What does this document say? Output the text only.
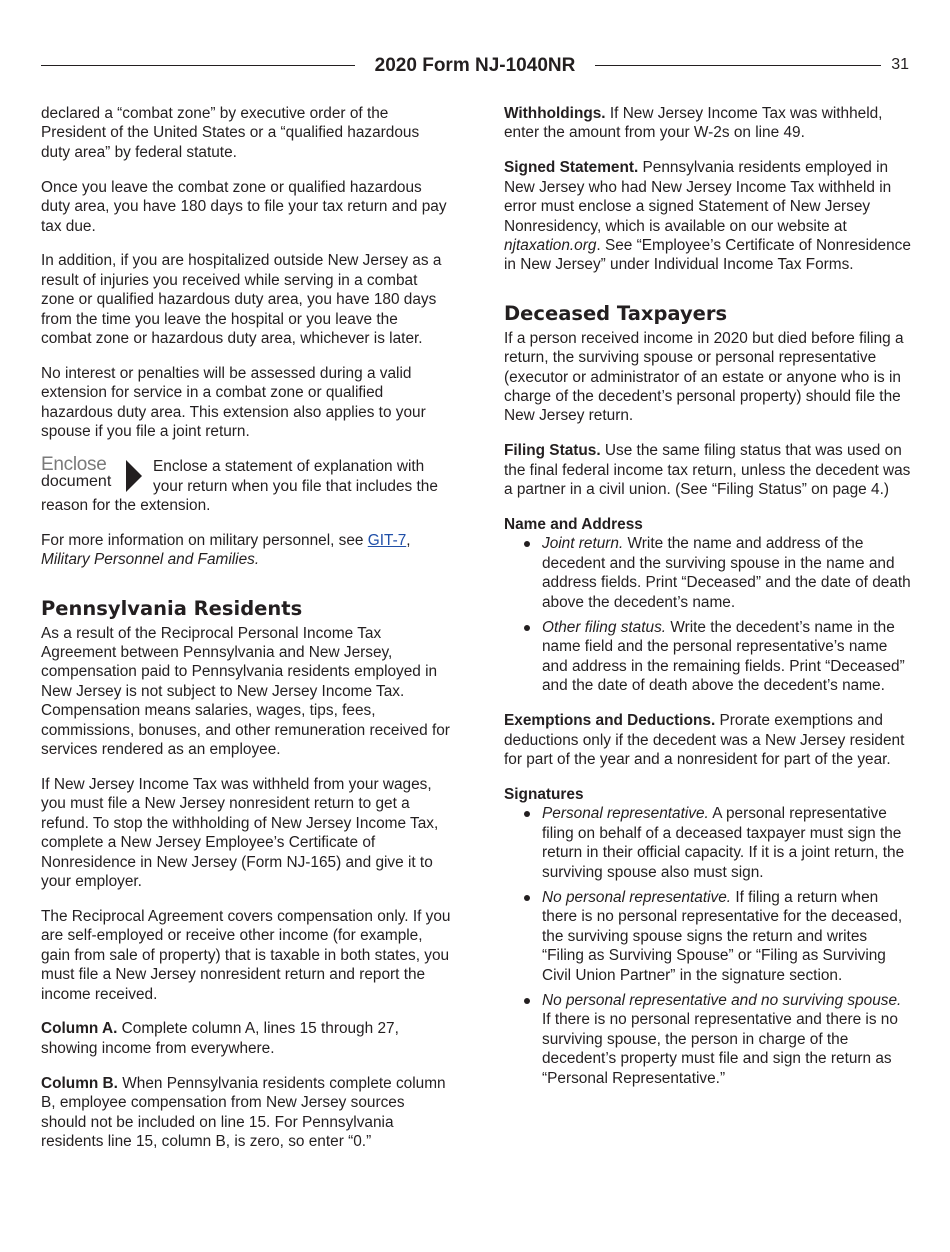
2020 Form NJ-1040NR	31

declared a “combat zone” by executive order of the President of the United States or a “qualified hazardous duty area” by federal statute.

Once you leave the combat zone or qualified hazardous duty area, you have 180 days to file your tax return and pay tax due.

In addition, if you are hospitalized outside New Jersey as a result of injuries you received while serving in a combat zone or qualified hazardous duty area, you have 180 days from the time you leave the hospital or you leave the combat zone or hazardous duty area, whichever is later.

No interest or penalties will be assessed during a valid extension for service in a combat zone or qualified hazardous duty area. This extension also applies to your spouse if you file a joint return.

Enclose
document
Enclose a statement of explanation with your return when you file that includes the reason for the extension.

For more information on military personnel, see GIT-7, Military Personnel and Families.

Pennsylvania Residents

As a result of the Reciprocal Personal Income Tax Agreement between Pennsylvania and New Jersey, compensation paid to Pennsylvania residents employed in New Jersey is not subject to New Jersey Income Tax. Compensation means salaries, wages, tips, fees, commissions, bonuses, and other remuneration received for services rendered as an employee.

If New Jersey Income Tax was withheld from your wages, you must file a New Jersey nonresident return to get a refund. To stop the withholding of New Jersey Income Tax, complete a New Jersey Employee’s Certificate of Nonresidence in New Jersey (Form NJ-165) and give it to your employer.

The Reciprocal Agreement covers compensation only. If you are self-employed or receive other income (for example, gain from sale of property) that is taxable in both states, you must file a New Jersey nonresident return and report the income received.

Column A. Complete column A, lines 15 through 27, showing income from everywhere.

Column B. When Pennsylvania residents complete column B, employee compensation from New Jersey sources should not be included on line 15. For Pennsylvania residents line 15, column B, is zero, so enter “0.”

Withholdings. If New Jersey Income Tax was withheld, enter the amount from your W-2s on line 49.

Signed Statement. Pennsylvania residents employed in New Jersey who had New Jersey Income Tax withheld in error must enclose a signed Statement of New Jersey Nonresidency, which is available on our website at njtaxation.org. See “Employee’s Certificate of Nonresidence in New Jersey” under Individual Income Tax Forms.

Deceased Taxpayers

If a person received income in 2020 but died before filing a return, the surviving spouse or personal representative (executor or administrator of an estate or anyone who is in charge of the decedent’s personal property) should file the New Jersey return.

Filing Status. Use the same filing status that was used on the final federal income tax return, unless the decedent was a partner in a civil union. (See “Filing Status” on page 4.)

Name and Address
Joint return. Write the name and address of the decedent and the surviving spouse in the name and address fields. Print “Deceased” and the date of death above the decedent’s name.
Other filing status. Write the decedent’s name in the name field and the personal representative’s name and address in the remaining fields. Print “Deceased” and the date of death above the decedent’s name.

Exemptions and Deductions. Prorate exemptions and deductions only if the decedent was a New Jersey resident for part of the year and a nonresident for part of the year.

Signatures
Personal representative. A personal representative filing on behalf of a deceased taxpayer must sign the return in their official capacity. If it is a joint return, the surviving spouse also must sign.
No personal representative. If filing a return when there is no personal representative for the deceased, the surviving spouse signs the return and writes “Filing as Surviving Spouse” or “Filing as Surviving Civil Union Partner” in the signature section.
No personal representative and no surviving spouse. If there is no personal representative and there is no surviving spouse, the person in charge of the decedent’s property must file and sign the return as “Personal Representative.”
